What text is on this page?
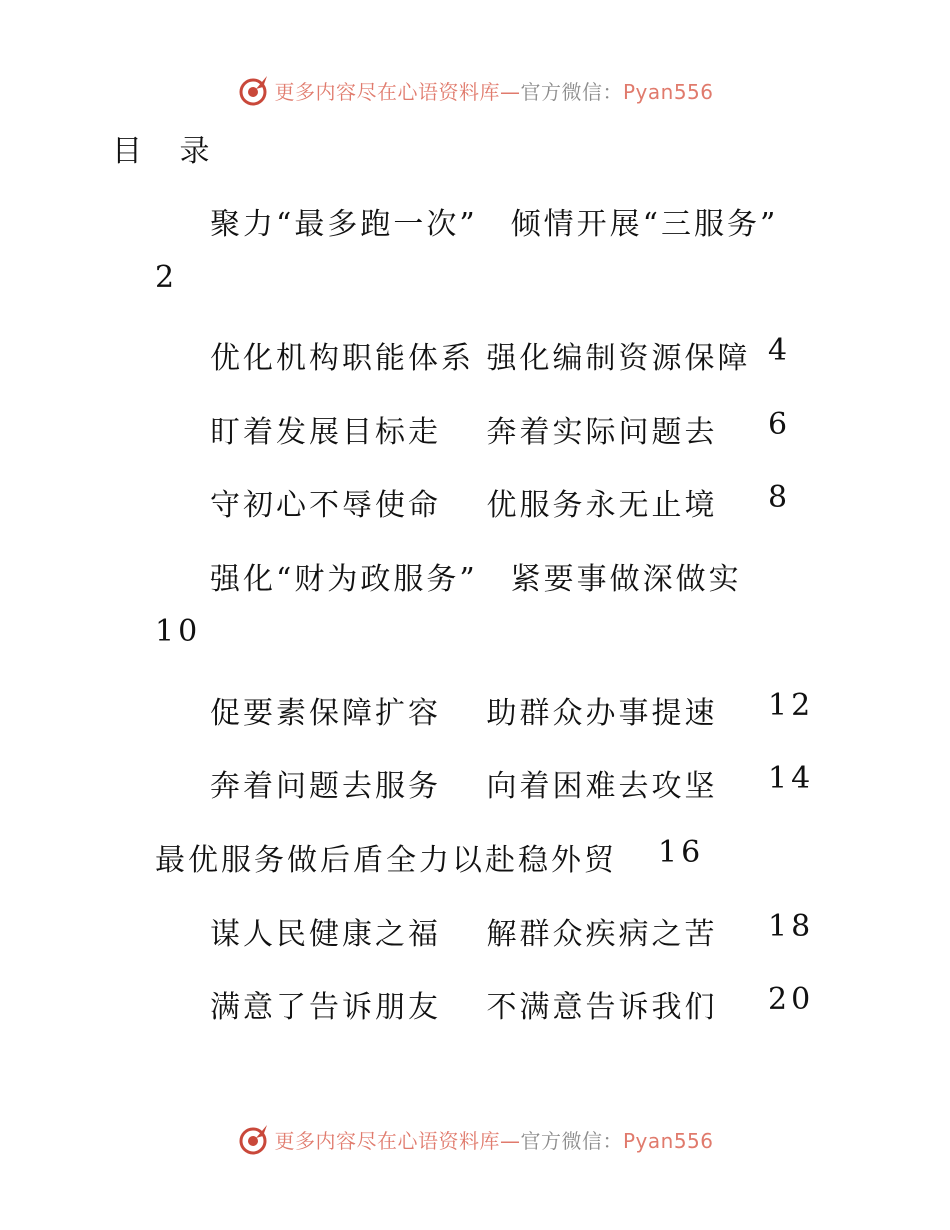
更多内容尽在心语资料库—官方微信：Pyan556
目 录
聚力“最多跑一次”　倾情开展“三服务”
2
优化机构职能体系 强化编制资源保障 4
盯着发展目标走　 奔着实际问题去 6
守初心不辱使命　 优服务永无止境 8
强化“财为政服务”　紧要事做深做实
10
促要素保障扩容　 助群众办事提速 12
奔着问题去服务　 向着困难去攻坚 14
最优服务做后盾全力以赴稳外贸 16
谋人民健康之福　 解群众疾病之苦 18
满意了告诉朋友　 不满意告诉我们 20
更多内容尽在心语资料库—官方微信：Pyan556
